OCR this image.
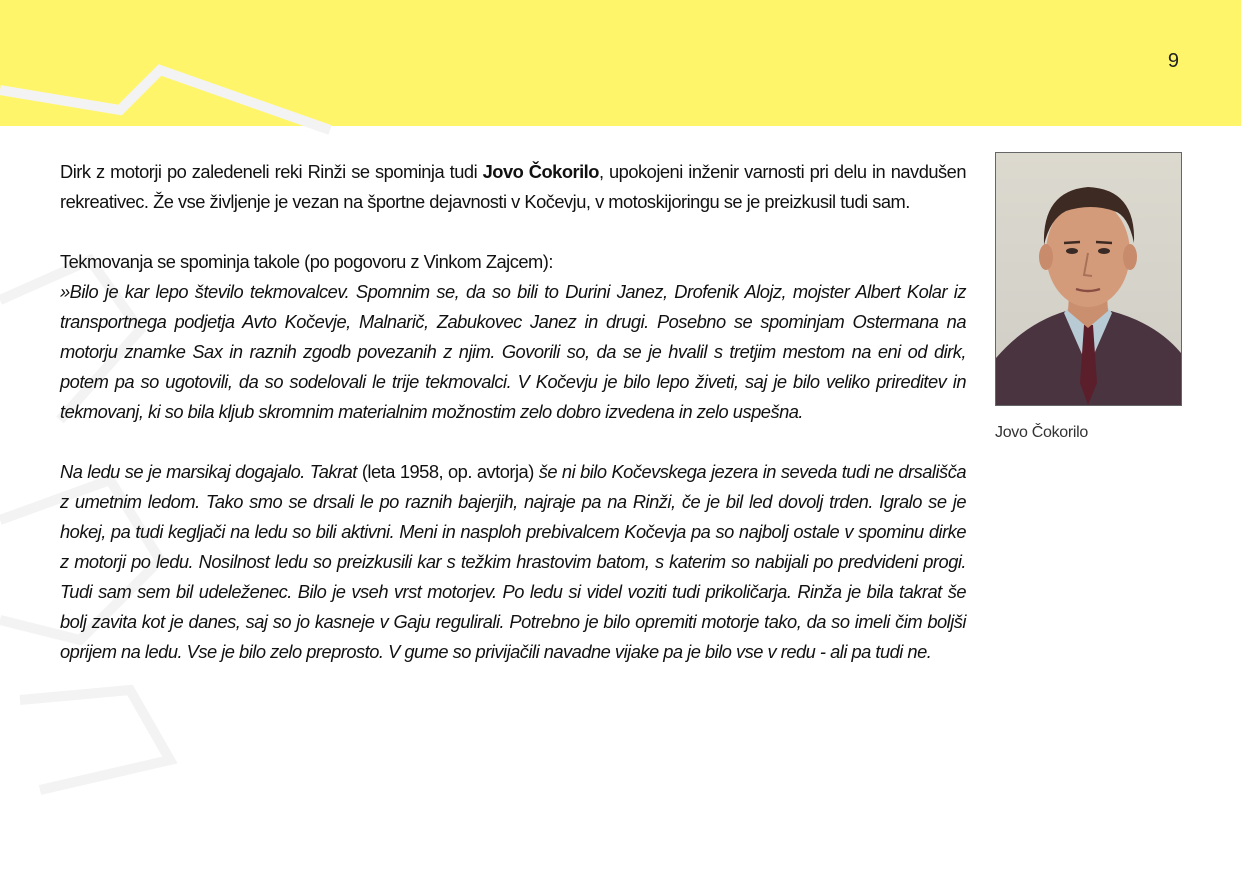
9

Dirk z motorji po zaledeneli reki Rinži se spominja tudi Jovo Čokorilo, upokojeni inženir varnosti pri delu in navdušen rekreativec. Že vse življenje je vezan na športne dejavnosti v Kočevju, v motoskijoringu se je preizkusil tudi sam.

Tekmovanja se spominja takole (po pogovoru z Vinkom Zajcem):

»Bilo je kar lepo število tekmovalcev. Spomnim se, da so bili to Durini Janez, Drofenik Alojz, mojster Albert Kolar iz transportnega podjetja Avto Kočevje, Malnarič, Zabukovec Janez in drugi. Posebno se spominjam Ostermana na motorju znamke Sax in raznih zgodb povezanih z njim. Govorili so, da se je hvalil s tretjim mestom na eni od dirk, potem pa so ugotovili, da so sodelovali le trije tekmovalci. V Kočevju je bilo lepo živeti, saj je bilo veliko prireditev in tekmovanj, ki so bila kljub skromnim materialnim možnostim zelo dobro izvedena in zelo uspešna.

Na ledu se je marsikaj dogajalo. Takrat (leta 1958, op. avtorja) še ni bilo Kočevskega jezera in seveda tudi ne drsališča z umetnim ledom. Tako smo se drsali le po raznih bajerjih, najraje pa na Rinži, če je bil led dovolj trden. Igralo se je hokej, pa tudi kegljači na ledu so bili aktivni. Meni in nasploh prebivalcem Kočevja pa so najbolj ostale v spominu dirke z motorji po ledu. Nosilnost ledu so preizkusili kar s težkim hrastovim batom, s katerim so nabijali po predvideni progi. Tudi sam sem bil udeleženec. Bilo je vseh vrst motorjev. Po ledu si videl voziti tudi prikoličarja. Rinža je bila takrat še bolj zavita kot je danes, saj so jo kasneje v Gaju regulirali. Potrebno je bilo opremiti motorje tako, da so imeli čim boljši oprijem na ledu. Vse je bilo zelo preprosto. V gume so privijačili navadne vijake pa je bilo vse v redu - ali pa tudi ne.

Jovo Čokorilo
